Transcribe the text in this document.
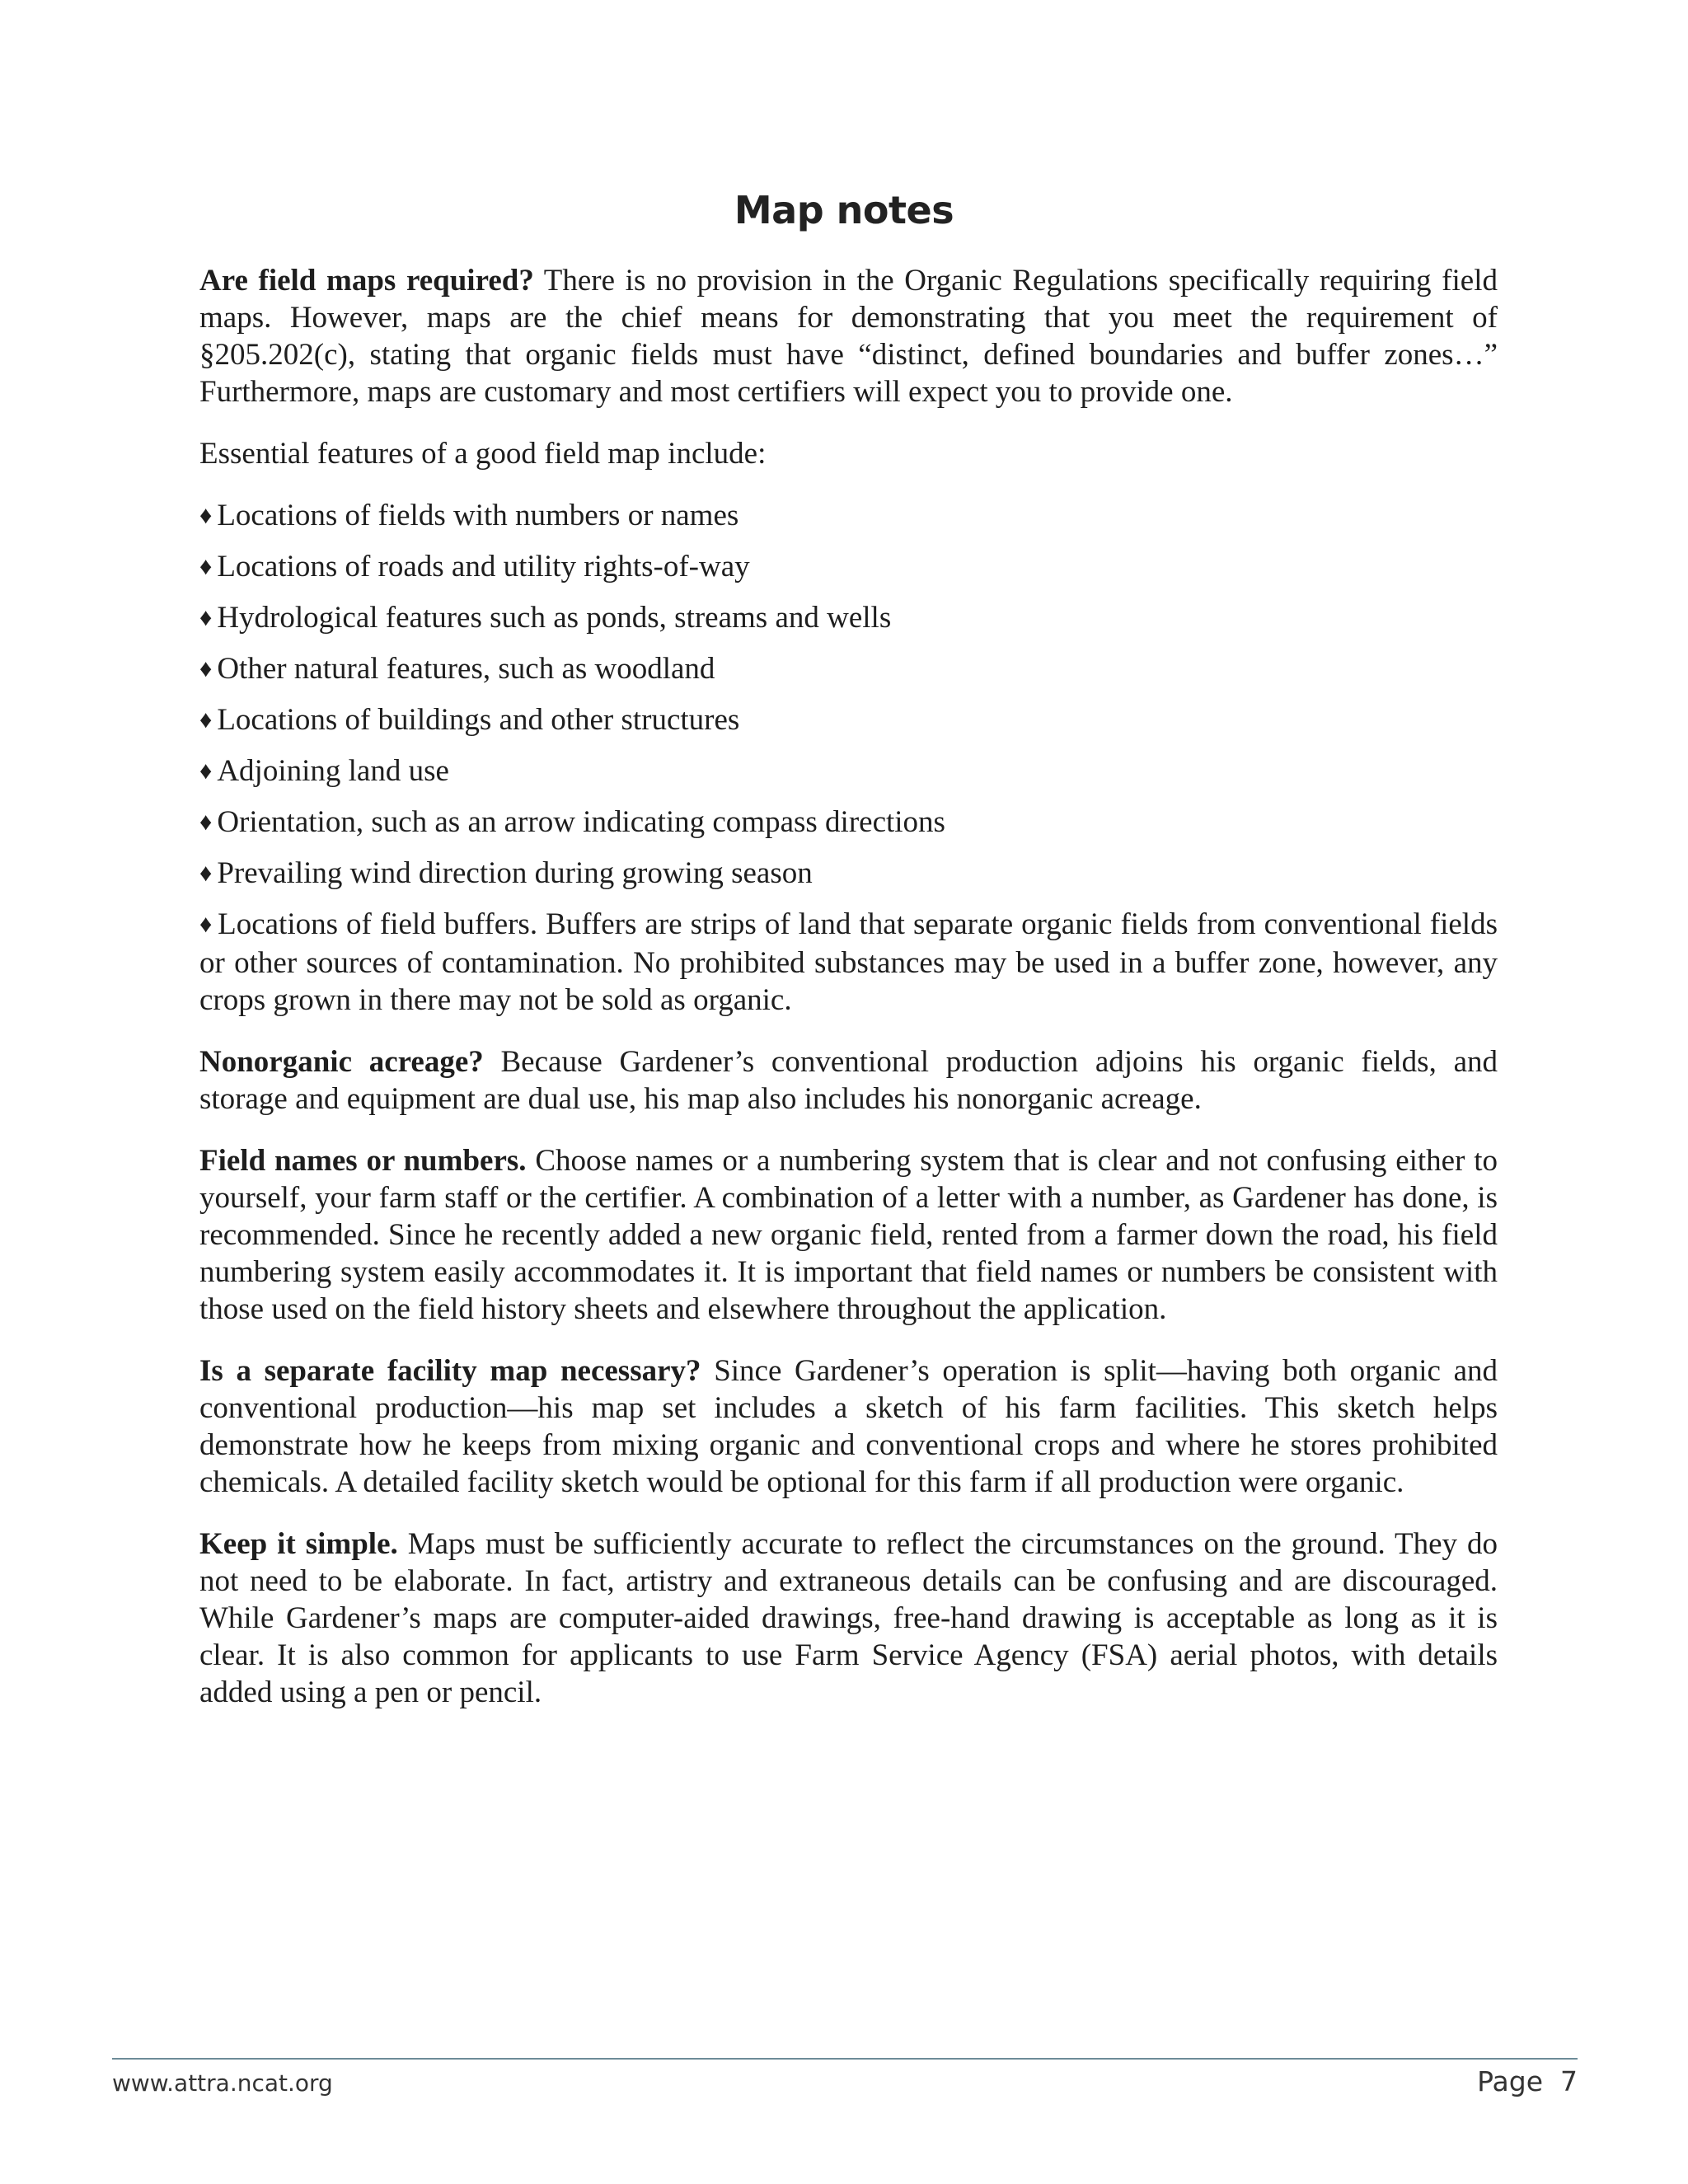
Map notes

Are field maps required? There is no provision in the Organic Regulations specifically requiring field maps. However, maps are the chief means for demonstrating that you meet the requirement of §205.202(c), stating that organic fields must have “distinct, defined boundaries and buffer zones…” Furthermore, maps are customary and most certifiers will expect you to provide one.

Essential features of a good field map include:

♦ Locations of fields with numbers or names
♦ Locations of roads and utility rights-of-way
♦ Hydrological features such as ponds, streams and wells
♦ Other natural features, such as woodland
♦ Locations of buildings and other structures
♦ Adjoining land use
♦ Orientation, such as an arrow indicating compass directions
♦ Prevailing wind direction during growing season
♦ Locations of field buffers. Buffers are strips of land that separate organic fields from conventional fields or other sources of contamination. No prohibited substances may be used in a buffer zone, however, any crops grown in there may not be sold as organic.

Nonorganic acreage? Because Gardener’s conventional production adjoins his organic fields, and storage and equipment are dual use, his map also includes his nonorganic acreage.

Field names or numbers. Choose names or a numbering system that is clear and not confusing either to yourself, your farm staff or the certifier. A combination of a letter with a number, as Gardener has done, is recommended. Since he recently added a new organic field, rented from a farmer down the road, his field numbering system easily accommodates it. It is important that field names or numbers be consistent with those used on the field history sheets and elsewhere throughout the application.

Is a separate facility map necessary? Since Gardener’s operation is split—having both organic and conventional production—his map set includes a sketch of his farm facilities. This sketch helps demonstrate how he keeps from mixing organic and conventional crops and where he stores prohibited chemicals. A detailed facility sketch would be optional for this farm if all production were organic.

Keep it simple. Maps must be sufficiently accurate to reflect the circumstances on the ground. They do not need to be elaborate. In fact, artistry and extraneous details can be confusing and are discouraged. While Gardener’s maps are computer-aided drawings, free-hand drawing is acceptable as long as it is clear. It is also common for applicants to use Farm Service Agency (FSA) aerial photos, with details added using a pen or pencil.

www.attra.ncat.org	Page  7
